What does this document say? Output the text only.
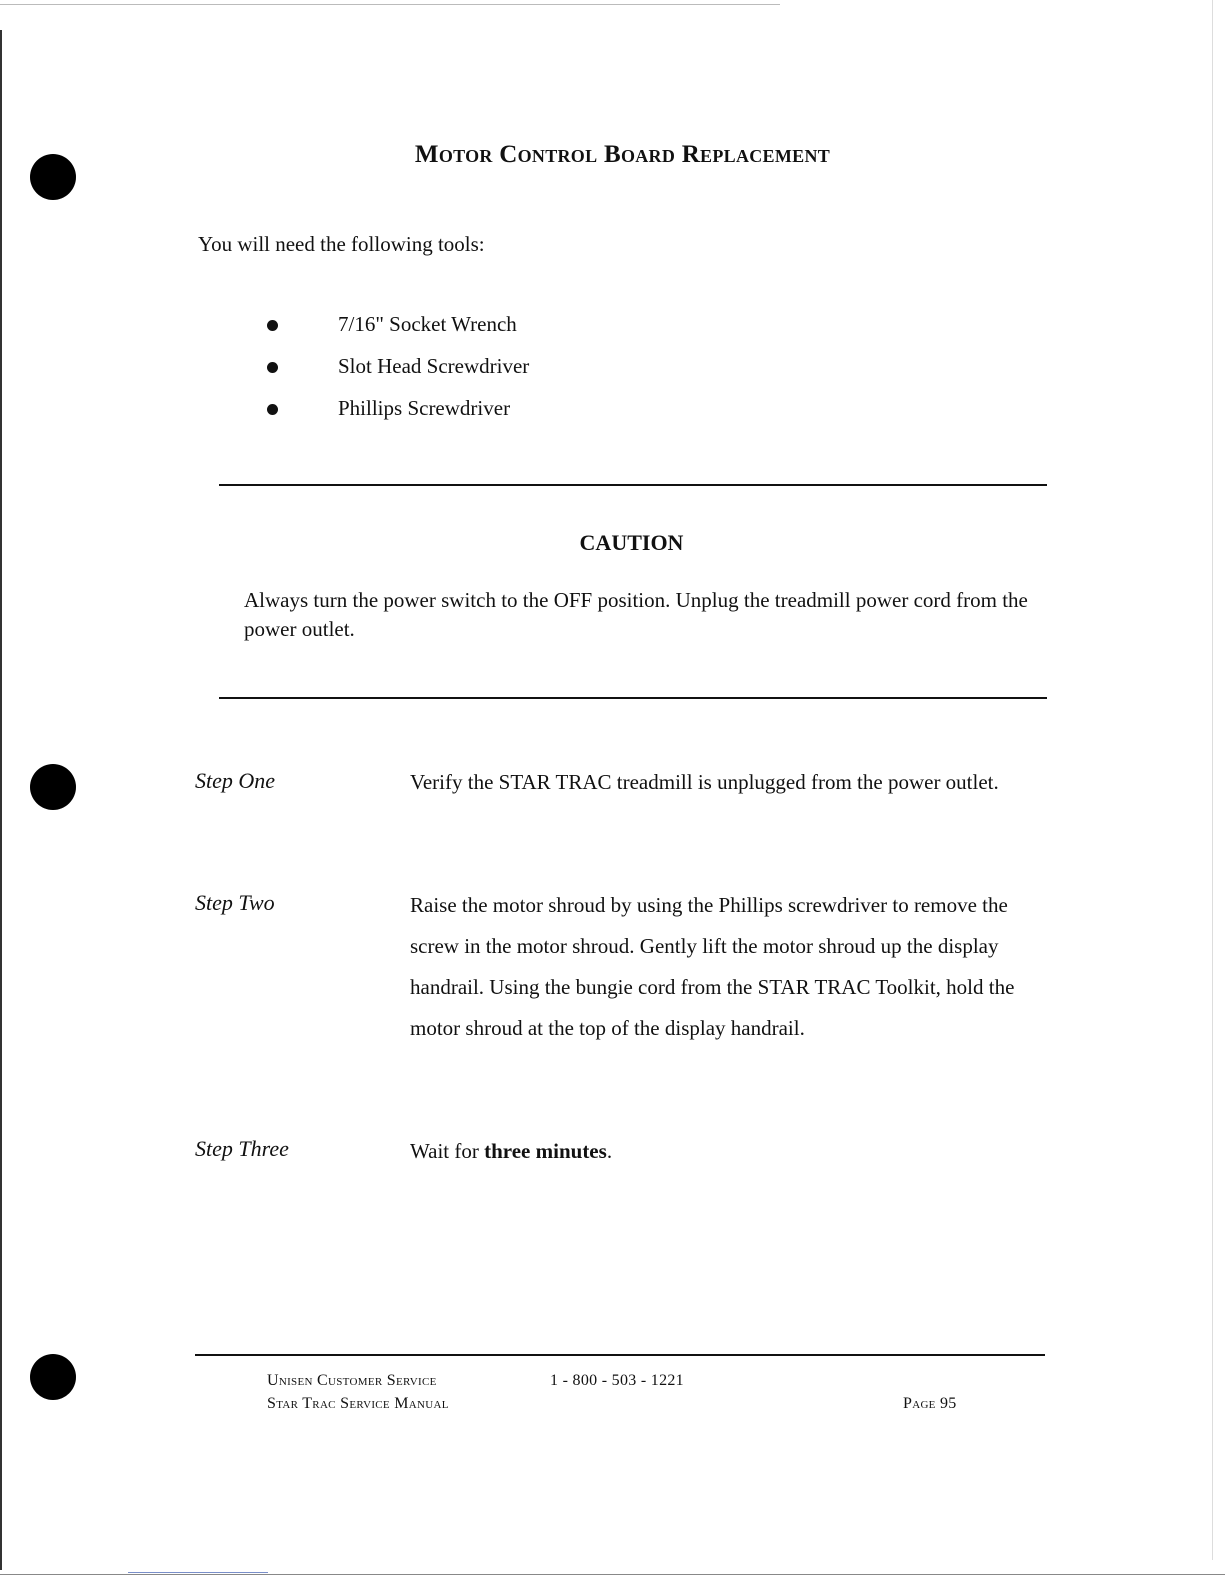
Motor Control Board Replacement
You will need the following tools:
7/16" Socket Wrench
Slot Head Screwdriver
Phillips Screwdriver
CAUTION

Always turn the power switch to the OFF position. Unplug the treadmill power cord from the power outlet.

Step One	Verify the STAR TRAC treadmill is unplugged from the power outlet.

Step Two	Raise the motor shroud by using the Phillips screwdriver to remove the screw in the motor shroud. Gently lift the motor shroud up the display handrail. Using the bungie cord from the STAR TRAC Toolkit, hold the motor shroud at the top of the display handrail.

Step Three	Wait for three minutes.

Unisen Customer Service	1 - 800 - 503 - 1221
Star Trac Service Manual	Page 95
